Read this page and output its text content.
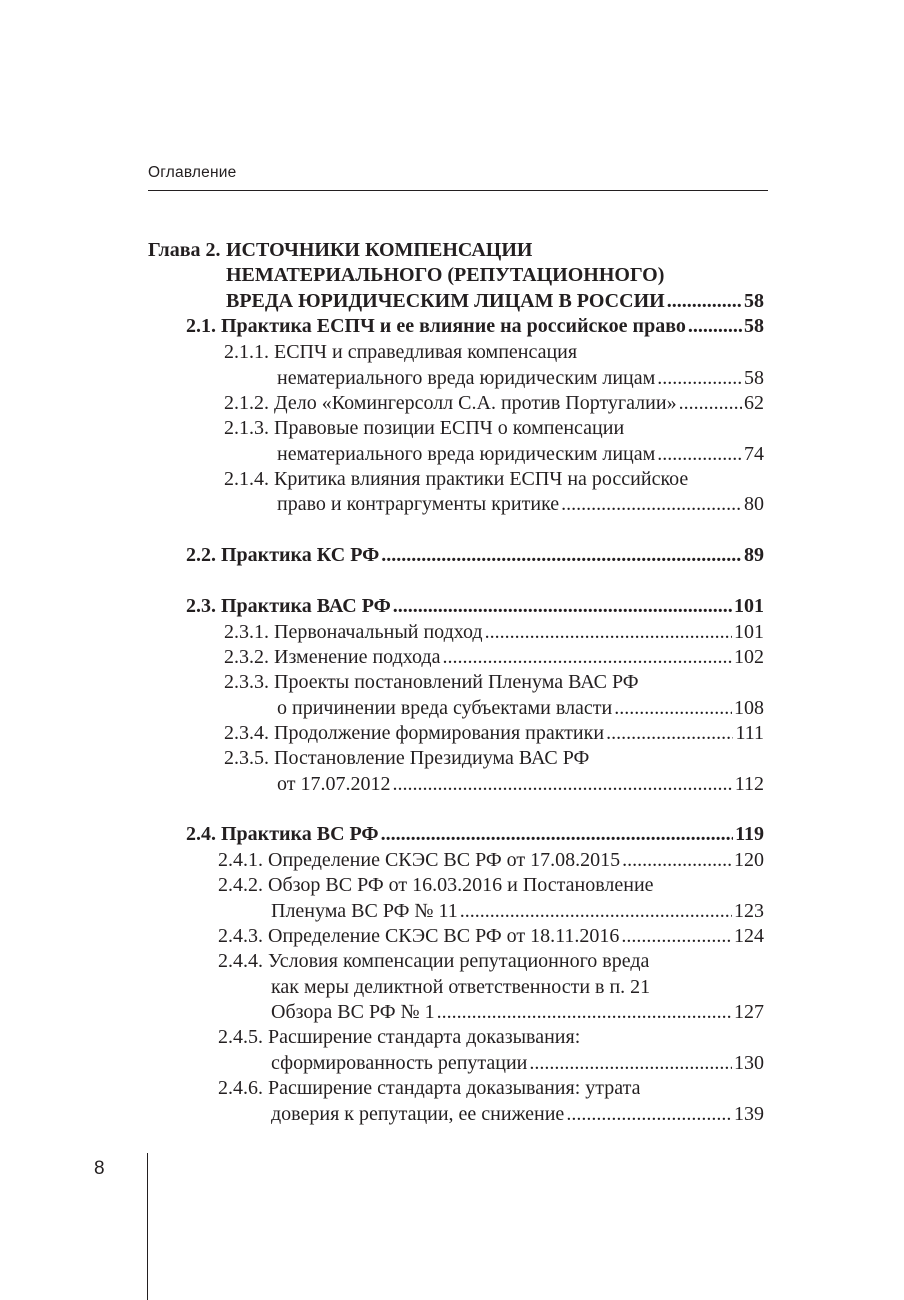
Оглавление
Глава 2. ИСТОЧНИКИ КОМПЕНСАЦИИ
НЕМАТЕРИАЛЬНОГО (РЕПУТАЦИОННОГО)
ВРЕДА ЮРИДИЧЕСКИМ ЛИЦАМ В РОССИИ .....	58
2.1. Практика ЕСПЧ и ее влияние на российское право .....	58
2.1.1. ЕСПЧ и справедливая компенсация
нематериального вреда юридическим лицам .....	58
2.1.2. Дело «Комингерсолл С.А. против Португалии» .....	62
2.1.3. Правовые позиции ЕСПЧ о компенсации
нематериального вреда юридическим лицам .....	74
2.1.4. Критика влияния практики ЕСПЧ на российское
право и контраргументы критике .....	80
2.2. Практика КС РФ .....	89
2.3. Практика ВАС РФ .....	101
2.3.1. Первоначальный подход .....	101
2.3.2. Изменение подхода .....	102
2.3.3. Проекты постановлений Пленума ВАС РФ
о причинении вреда субъектами власти .....	108
2.3.4. Продолжение формирования практики .....	111
2.3.5. Постановление Президиума ВАС РФ
от 17.07.2012 .....	112
2.4. Практика ВС РФ .....	119
2.4.1. Определение СКЭС ВС РФ от 17.08.2015 .....	120
2.4.2. Обзор ВС РФ от 16.03.2016 и Постановление
Пленума ВС РФ № 11 .....	123
2.4.3. Определение СКЭС ВС РФ от 18.11.2016 .....	124
2.4.4. Условия компенсации репутационного вреда
как меры деликтной ответственности в п. 21
Обзора ВС РФ № 1 .....	127
2.4.5. Расширение стандарта доказывания:
сформированность репутации .....	130
2.4.6. Расширение стандарта доказывания: утрата
доверия к репутации, ее снижение .....	139
8
